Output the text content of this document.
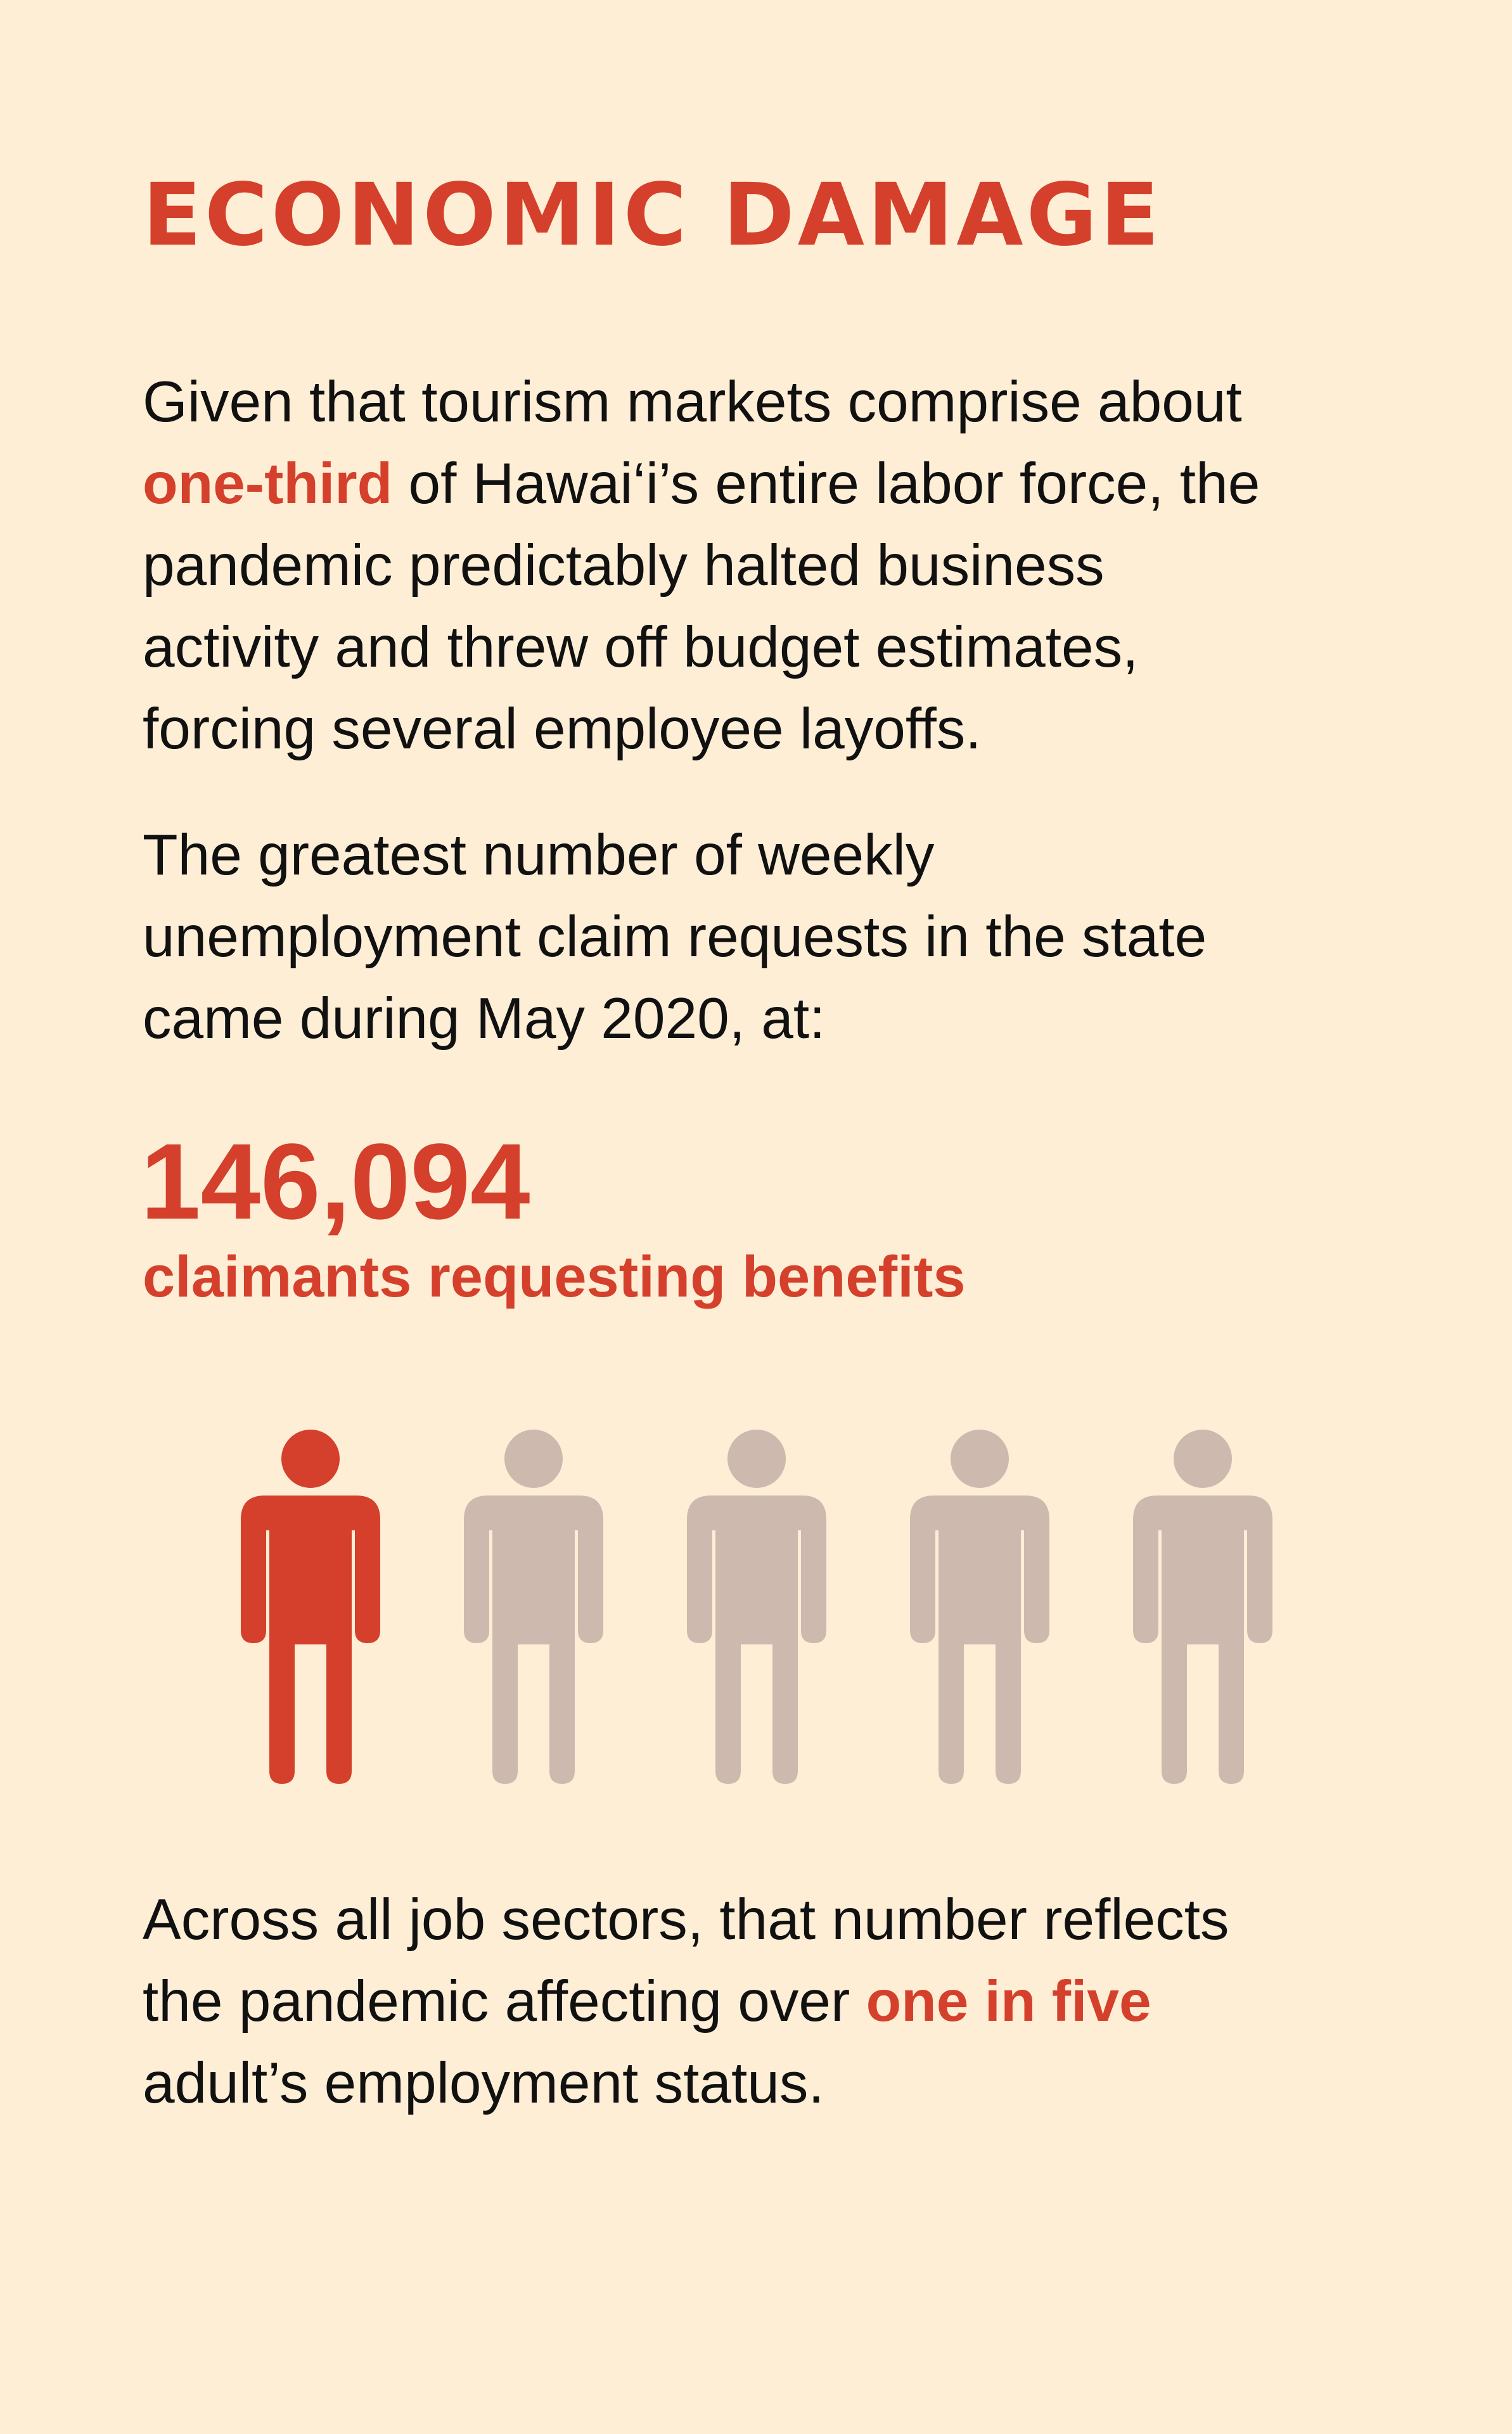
ECONOMIC DAMAGE

Given that tourism markets comprise about
one-third of Hawai‘i’s entire labor force, the
pandemic predictably halted business
activity and threw off budget estimates,
forcing several employee layoffs.

The greatest number of weekly
unemployment claim requests in the state
came during May 2020, at:

146,094
claimants requesting benefits

Across all job sectors, that number reflects
the pandemic affecting over one in five
adult’s employment status.
